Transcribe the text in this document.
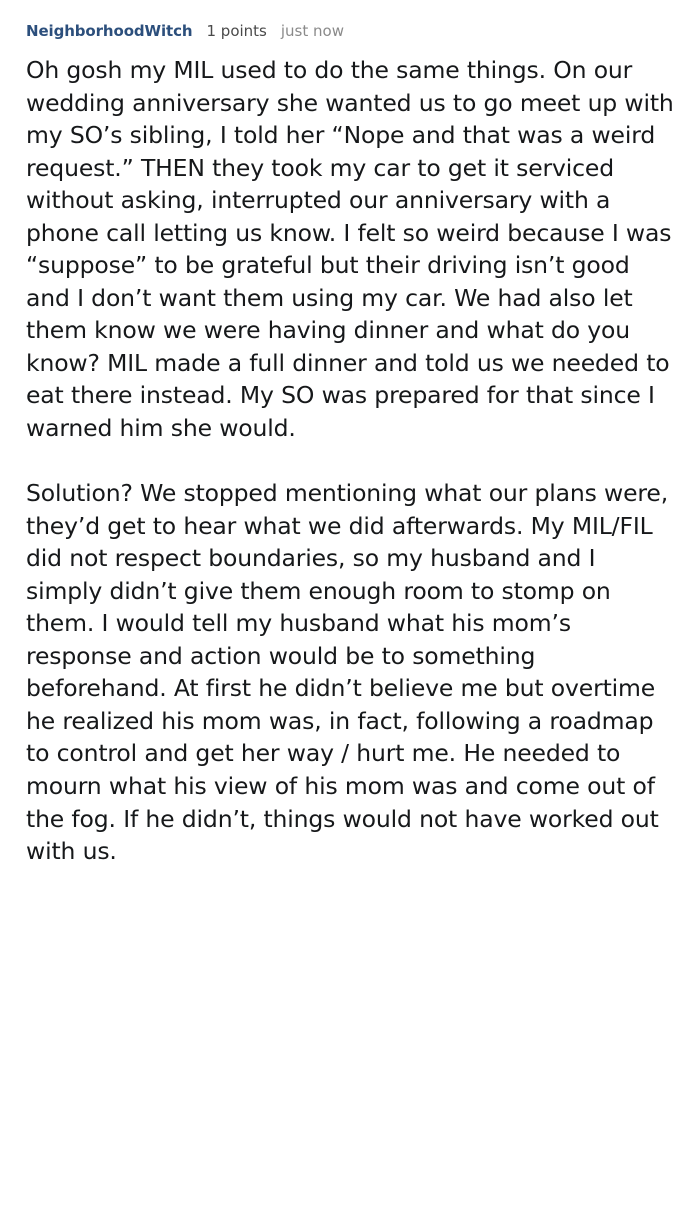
NeighborhoodWitch 1 points just now

Oh gosh my MIL used to do the same things. On our wedding anniversary she wanted us to go meet up with my SO’s sibling, I told her “Nope and that was a weird request.” THEN they took my car to get it serviced without asking, interrupted our anniversary with a phone call letting us know. I felt so weird because I was “suppose” to be grateful but their driving isn’t good and I don’t want them using my car. We had also let them know we were having dinner and what do you know? MIL made a full dinner and told us we needed to eat there instead. My SO was prepared for that since I warned him she would.

Solution? We stopped mentioning what our plans were, they’d get to hear what we did afterwards. My MIL/FIL did not respect boundaries, so my husband and I simply didn’t give them enough room to stomp on them. I would tell my husband what his mom’s response and action would be to something beforehand. At first he didn’t believe me but overtime he realized his mom was, in fact, following a roadmap to control and get her way / hurt me. He needed to mourn what his view of his mom was and come out of the fog. If he didn’t, things would not have worked out with us.
